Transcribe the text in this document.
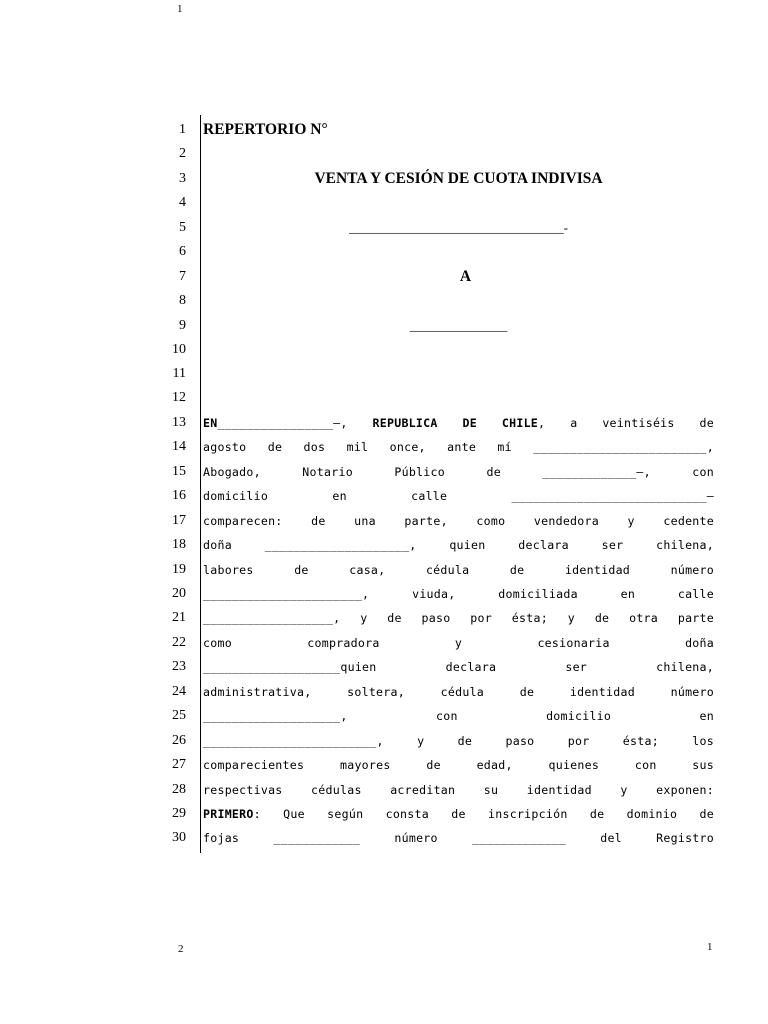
1
1 REPERTORIO N°
2
3	VENTA Y CESIÓN DE CUOTA INDIVISA
4
5	_________________________________-
6
7	A
8
9	_______________
10
11
12
13 EN________________–, REPUBLICA DE CHILE, a veintiséis de
14 agosto de dos mil once, ante mí ________________________,
15 Abogado, Notario Público de _____________–, con
16 domicilio en calle ___________________________–
17 comparecen: de una parte, como vendedora y cedente
18 doña ____________________, quien declara ser chilena,
19 labores de casa, cédula de identidad número
20 ______________________, viuda, domiciliada en calle
21 __________________, y de paso por ésta; y de otra parte
22 como compradora y cesionaria doña
23 ___________________quien declara ser chilena,
24 administrativa, soltera, cédula de identidad número
25 ___________________, con domicilio en
26 ________________________, y de paso por ésta; los
27 comparecientes mayores de edad, quienes con sus
28 respectivas cédulas acreditan su identidad y exponen:
29 PRIMERO: Que según consta de inscripción de dominio de
30 fojas ____________ número _____________ del Registro
2	1
